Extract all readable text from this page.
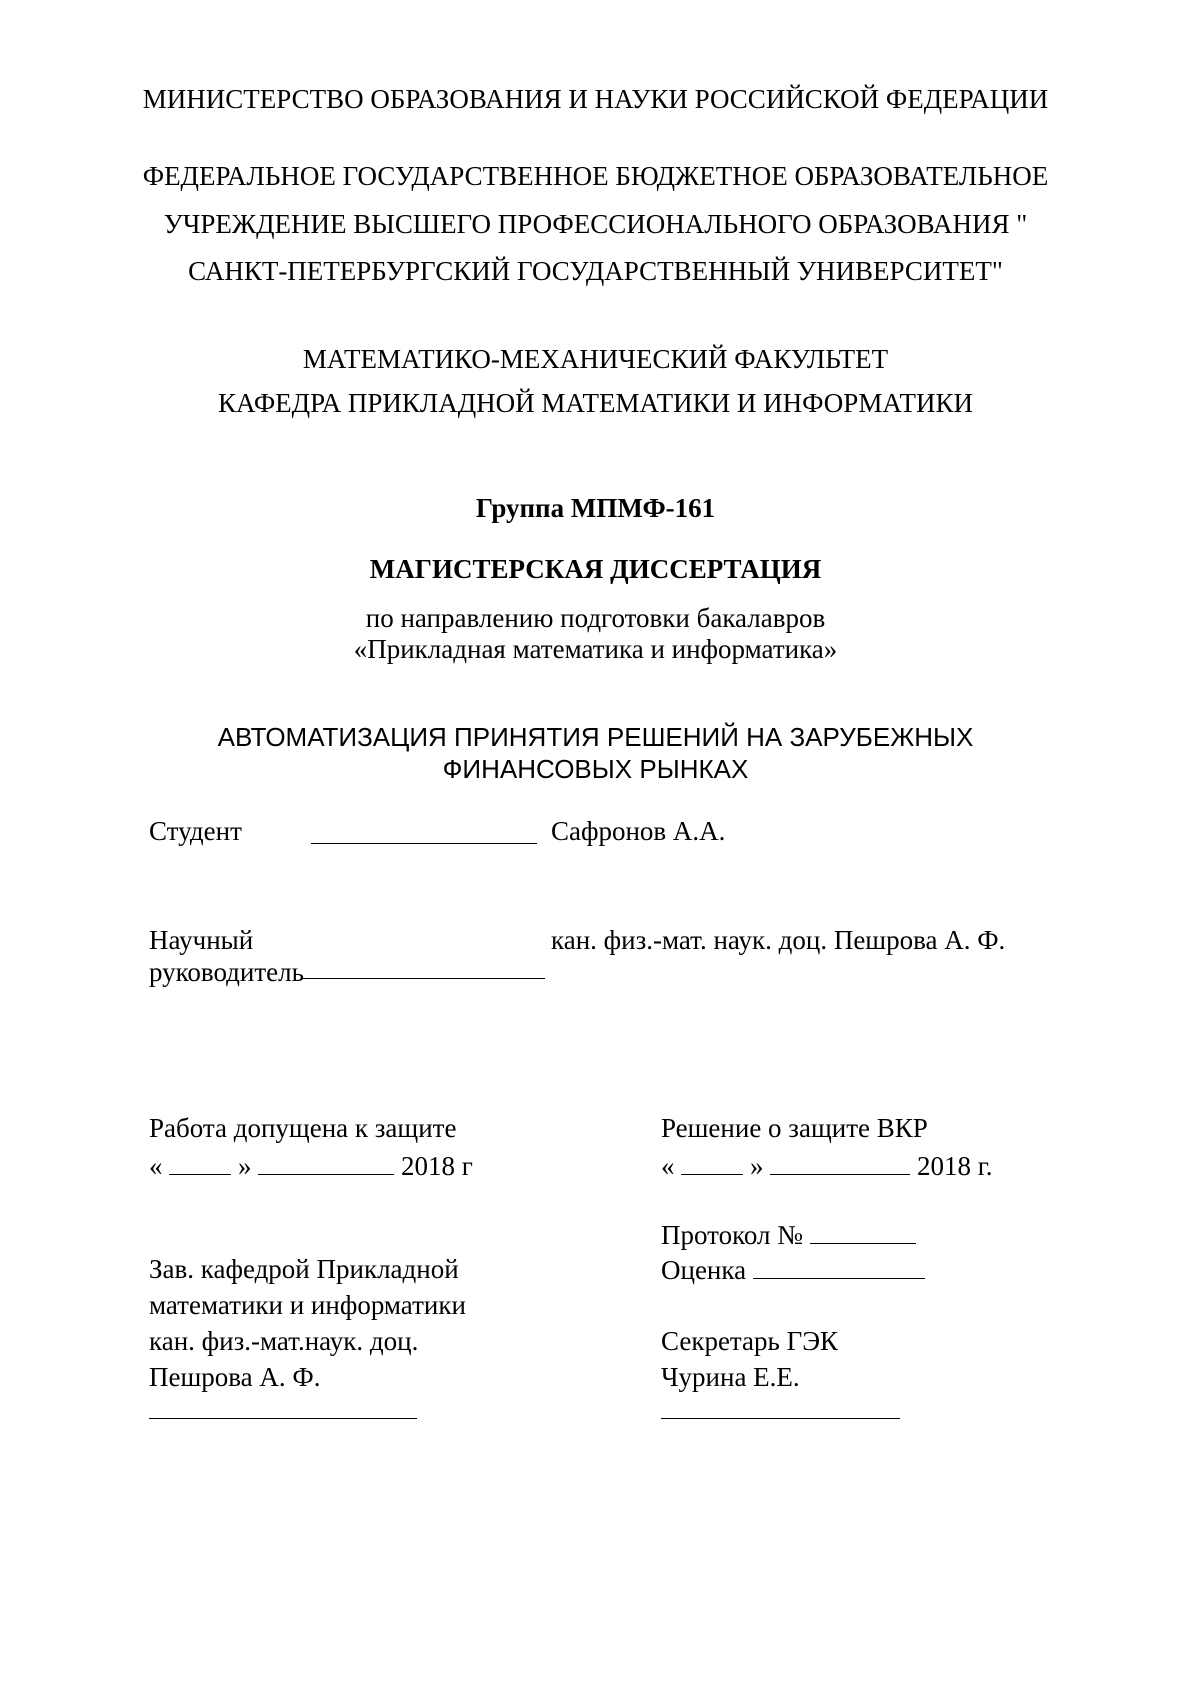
МИНИСТЕРСТВО ОБРАЗОВАНИЯ И НАУКИ РОССИЙСКОЙ ФЕДЕРАЦИИ
ФЕДЕРАЛЬНОЕ ГОСУДАРСТВЕННОЕ БЮДЖЕТНОЕ ОБРАЗОВАТЕЛЬНОЕ
УЧРЕЖДЕНИЕ ВЫСШЕГО ПРОФЕССИОНАЛЬНОГО ОБРАЗОВАНИЯ "
САНКТ-ПЕТЕРБУРГСКИЙ ГОСУДАРСТВЕННЫЙ УНИВЕРСИТЕТ"
МАТЕМАТИКО-МЕХАНИЧЕСКИЙ ФАКУЛЬТЕТ
КАФЕДРА ПРИКЛАДНОЙ МАТЕМАТИКИ И ИНФОРМАТИКИ
Группа МПМФ-161
МАГИСТЕРСКАЯ ДИССЕРТАЦИЯ
по направлению подготовки бакалавров
«Прикладная математика и информатика»
АВТОМАТИЗАЦИЯ ПРИНЯТИЯ РЕШЕНИЙ НА ЗАРУБЕЖНЫХ
ФИНАНСОВЫХ РЫНКАХ
Студент	Сафронов А.А.
Научный
руководитель
кан. физ.-мат. наук. доц. Пешрова А. Ф.
Работа допущена к защите
«	»	2018 г
Зав. кафедрой Прикладной
математики и информатики
кан. физ.-мат.наук. доц.
Пешрова А. Ф.
Решение о защите ВКР
«	»	2018 г.
Протокол №
Оценка
Секретарь ГЭК
Чурина Е.Е.
